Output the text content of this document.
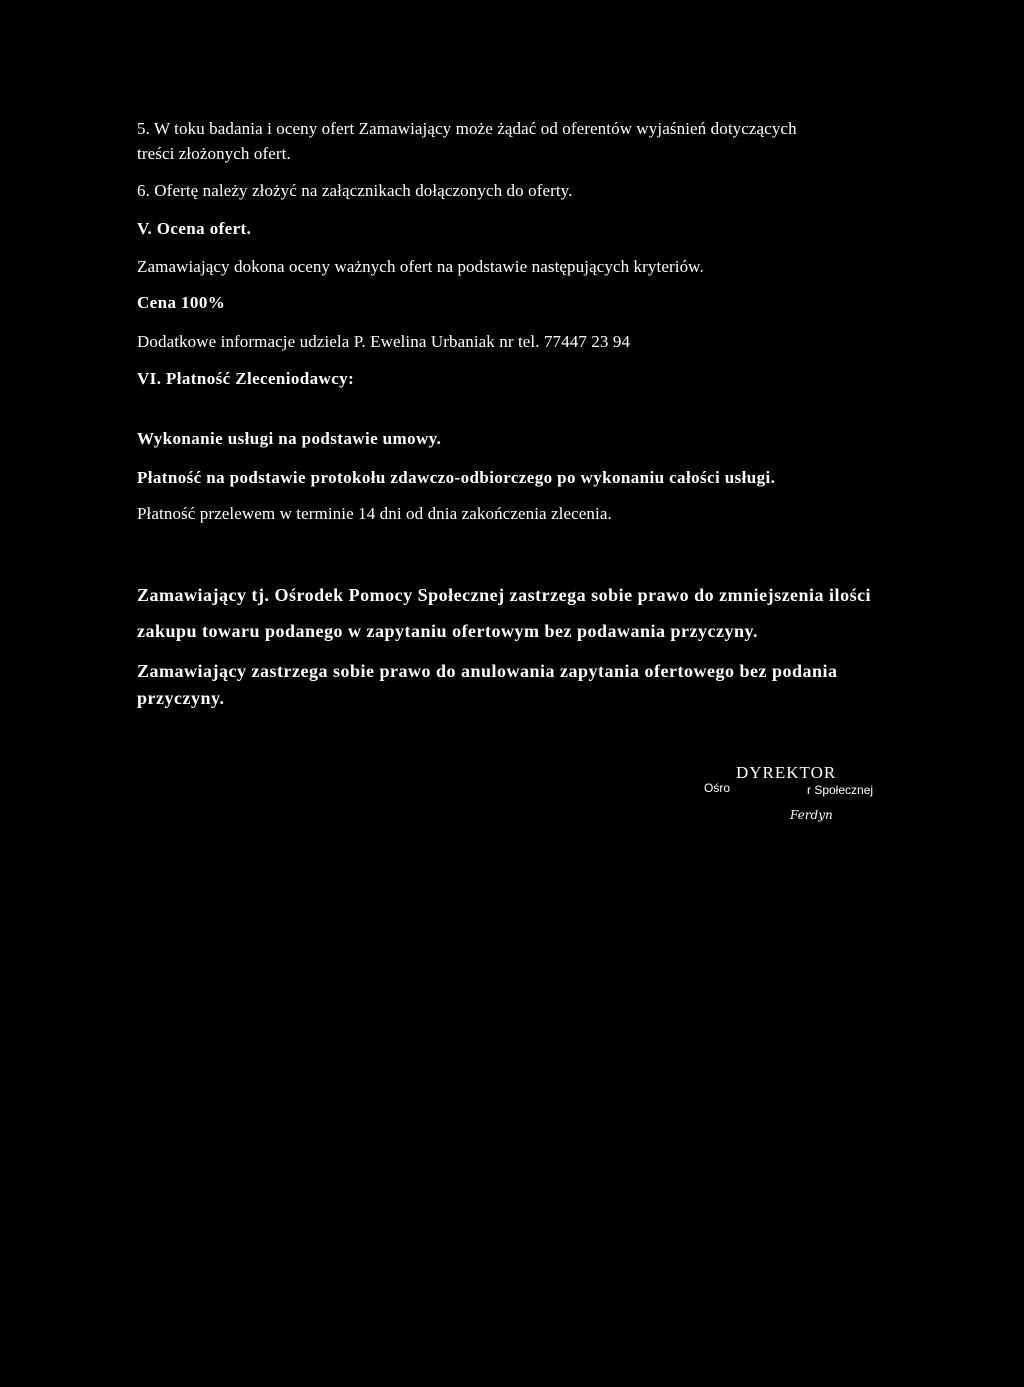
5. W toku badania i oceny ofert Zamawiający może żądać od oferentów wyjaśnień dotyczących
treści złożonych ofert.
6. Ofertę należy złożyć na załącznikach dołączonych do oferty.
V. Ocena ofert.
Zamawiający dokona oceny ważnych ofert na podstawie następujących kryteriów.
Cena 100%
Dodatkowe informacje udziela P. Ewelina Urbaniak nr tel. 77447 23 94
VI. Płatność Zleceniodawcy:
Wykonanie usługi na podstawie umowy.
Płatność na podstawie protokołu zdawczo-odbiorczego po wykonaniu całości usługi.
Płatność przelewem w terminie 14 dni od dnia zakończenia zlecenia.
Zamawiający tj. Ośrodek Pomocy Społecznej zastrzega sobie prawo do zmniejszenia ilości
zakupu towaru podanego w zapytaniu ofertowym bez podawania przyczyny.
Zamawiający zastrzega sobie prawo do anulowania zapytania ofertowego bez podania
przyczyny.
DYREKTOR
Ośro	r Społecznej
Ferdyn
